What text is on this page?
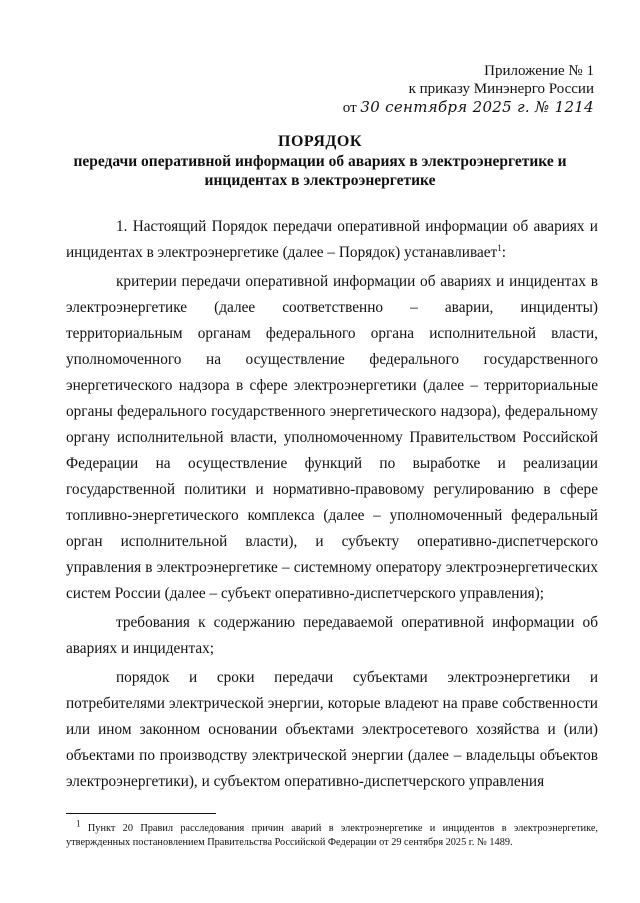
Приложение № 1
к приказу Минэнерго России
от 30 сентября 2025 г. № 1214
ПОРЯДОК
передачи оперативной информации об авариях в электроэнергетике и инцидентах в электроэнергетике

1. Настоящий Порядок передачи оперативной информации об авариях и инцидентах в электроэнергетике (далее – Порядок) устанавливает$^1$:

критерии передачи оперативной информации об авариях и инцидентах в электроэнергетике (далее соответственно – аварии, инциденты) территориальным органам федерального органа исполнительной власти, уполномоченного на осуществление федерального государственного энергетического надзора в сфере электроэнергетики (далее – территориальные органы федерального государственного энергетического надзора), федеральному органу исполнительной власти, уполномоченному Правительством Российской Федерации на осуществление функций по выработке и реализации государственной политики и нормативно-правовому регулированию в сфере топливно-энергетического комплекса (далее – уполномоченный федеральный орган исполнительной власти), и субъекту оперативно-диспетчерского управления в электроэнергетике – системному оператору электроэнергетических систем России (далее – субъект оперативно-диспетчерского управления);

требования к содержанию передаваемой оперативной информации об авариях и инцидентах;

порядок и сроки передачи субъектами электроэнергетики и потребителями электрической энергии, которые владеют на праве собственности или ином законном основании объектами электросетевого хозяйства и (или) объектами по производству электрической энергии (далее – владельцы объектов электроэнергетики), и субъектом оперативно-диспетчерского управления

$^1$ Пункт 20 Правил расследования причин аварий в электроэнергетике и инцидентов в электроэнергетике, утвержденных постановлением Правительства Российской Федерации от 29 сентября 2025 г. № 1489.
